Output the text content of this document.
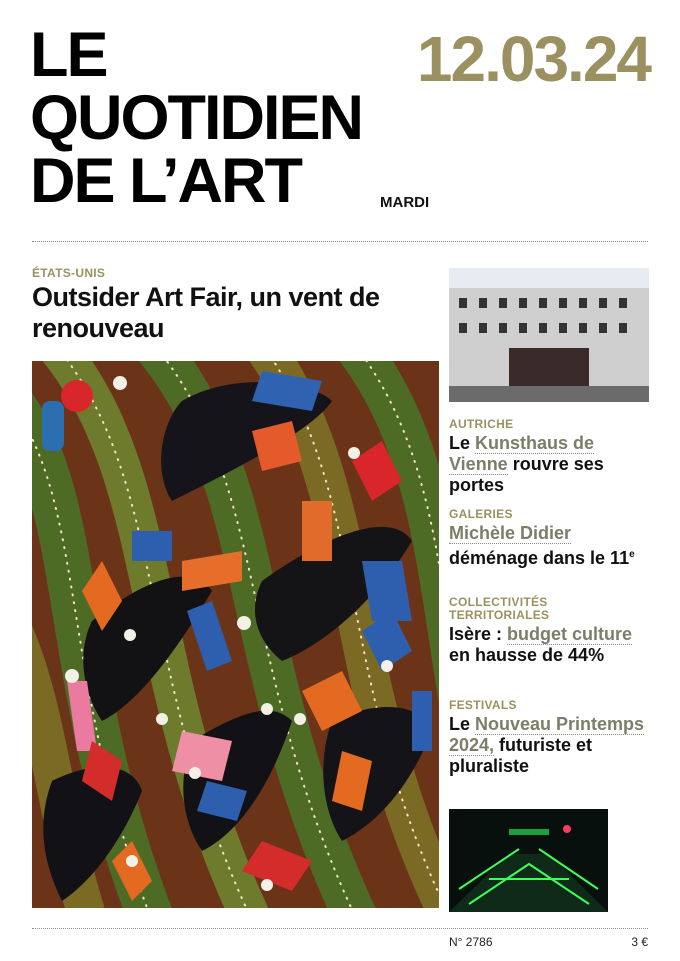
LE
QUOTIDIEN
DE L’ART
12.03.24
MARDI
ÉTATS-UNIS
Outsider Art Fair, un vent de renouveau
AUTRICHE
Le Kunsthaus de Vienne rouvre ses portes
GALERIES
Michèle Didier déménage dans le 11e
COLLECTIVITÉS
TERRITORIALES
Isère : budget culture en hausse de 44%
FESTIVALS
Le Nouveau Printemps 2024, futuriste et pluraliste
N° 2786	3 €
